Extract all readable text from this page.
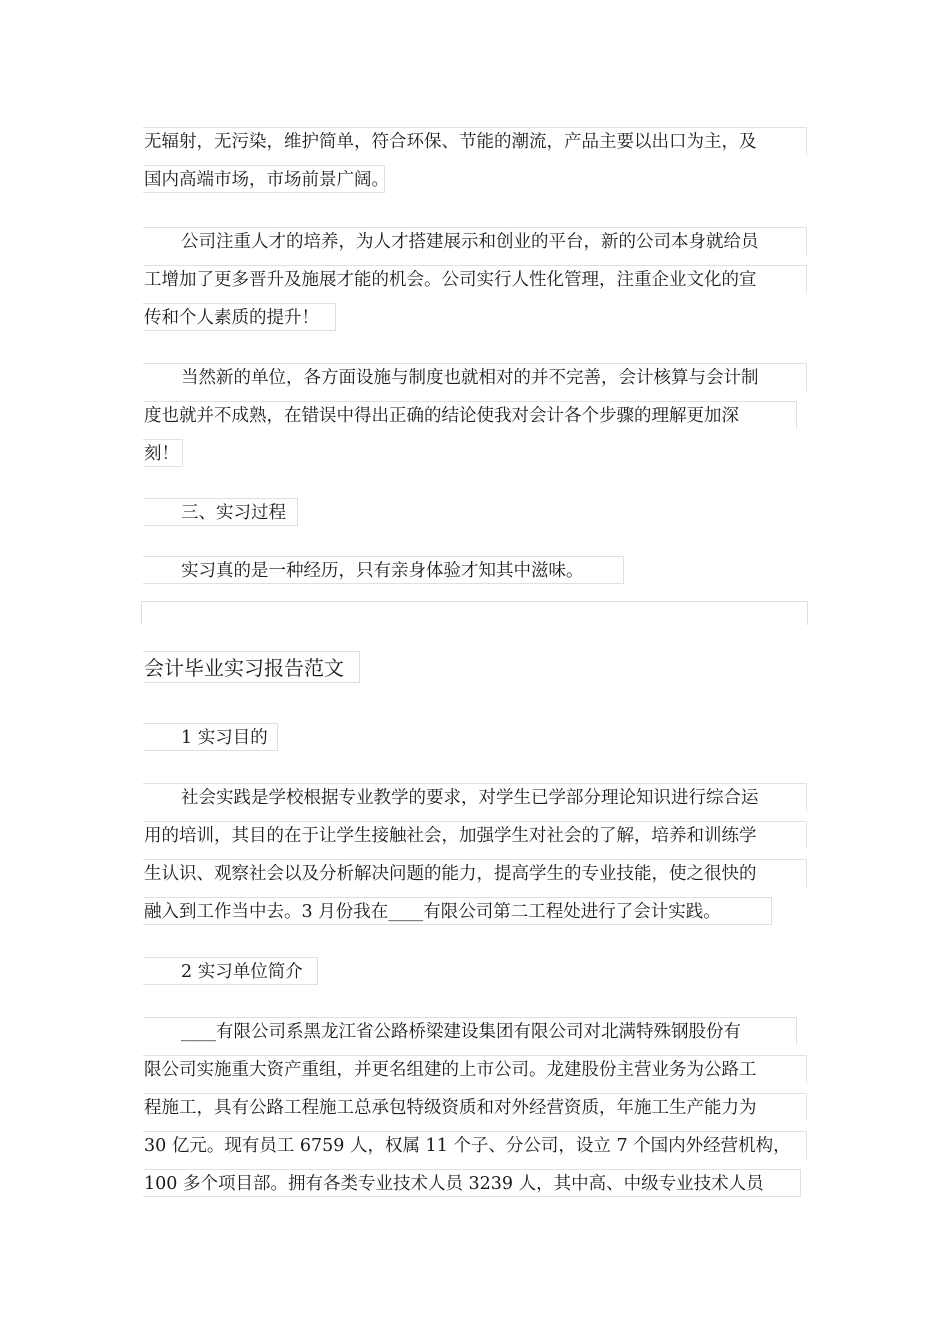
无辐射，无污染，维护简单，符合环保、节能的潮流，产品主要以出口为主，及
国内高端市场，市场前景广阔。
公司注重人才的培养，为人才搭建展示和创业的平台，新的公司本身就给员
工增加了更多晋升及施展才能的机会。公司实行人性化管理，注重企业文化的宣
传和个人素质的提升！
当然新的单位，各方面设施与制度也就相对的并不完善，会计核算与会计制
度也就并不成熟，在错误中得出正确的结论使我对会计各个步骤的理解更加深
刻！
三、实习过程
实习真的是一种经历，只有亲身体验才知其中滋味。
会计毕业实习报告范文
1 实习目的
社会实践是学校根据专业教学的要求，对学生已学部分理论知识进行综合运
用的培训，其目的在于让学生接触社会，加强学生对社会的了解，培养和训练学
生认识、观察社会以及分析解决问题的能力，提高学生的专业技能，使之很快的
融入到工作当中去。3 月份我在____有限公司第二工程处进行了会计实践。
2 实习单位简介
____有限公司系黑龙江省公路桥梁建设集团有限公司对北满特殊钢股份有
限公司实施重大资产重组，并更名组建的上市公司。龙建股份主营业务为公路工
程施工，具有公路工程施工总承包特级资质和对外经营资质，年施工生产能力为
30 亿元。现有员工 6759 人，权属 11 个子、分公司，设立 7 个国内外经营机构，
100 多个项目部。拥有各类专业技术人员 3239 人，其中高、中级专业技术人员
